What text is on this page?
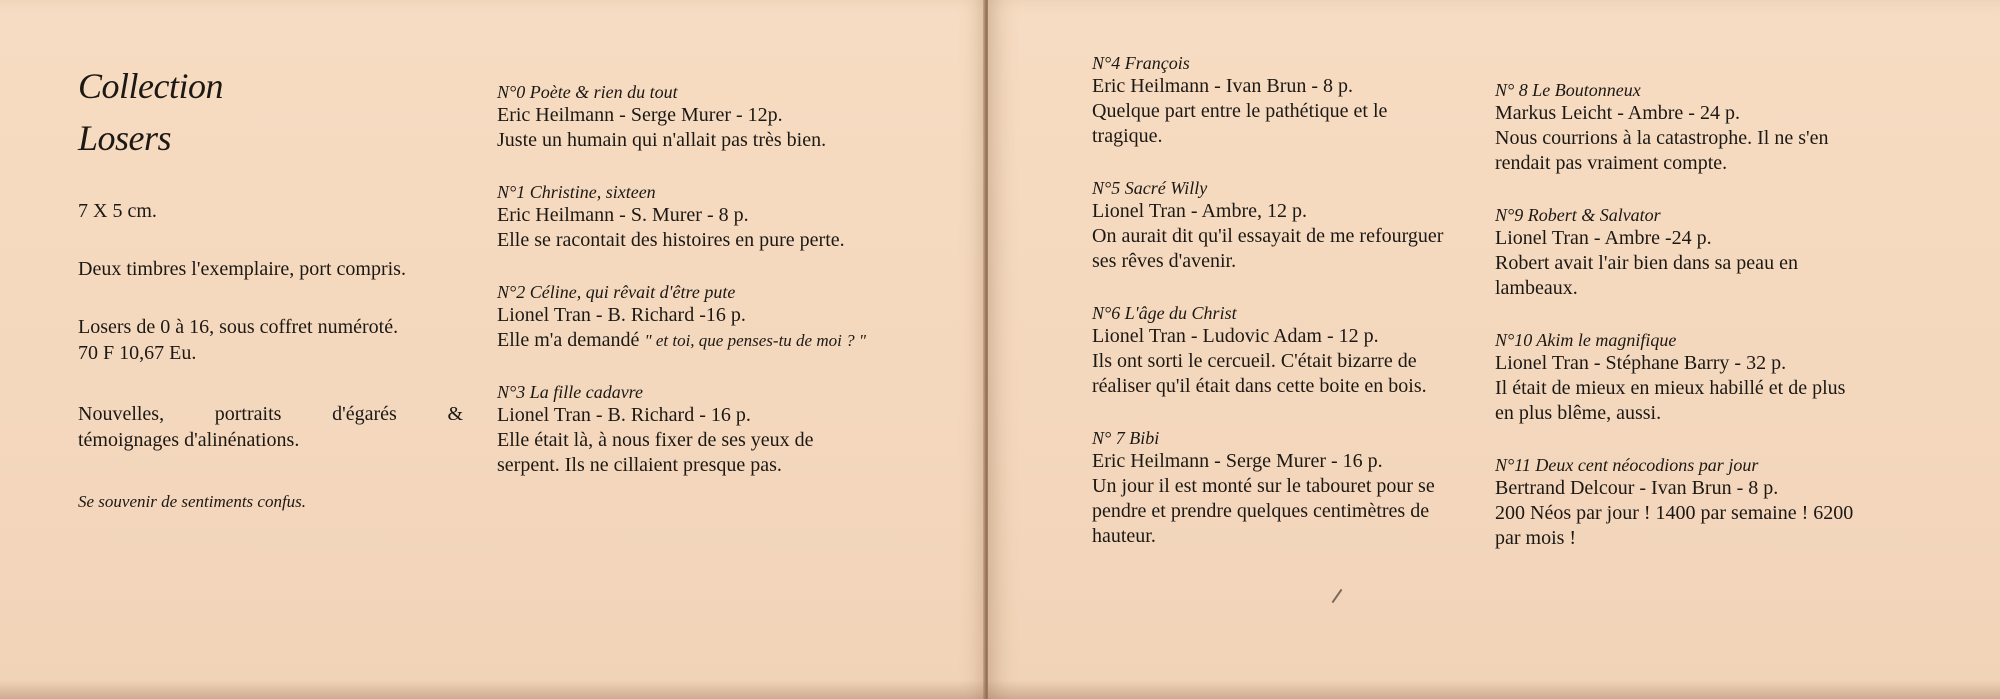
Collection
Losers
7 X 5 cm.
Deux timbres l'exemplaire, port compris.
Losers de 0 à 16, sous coffret numéroté.
70 F 10,67 Eu.
Nouvelles, portraits d'égarés &
témoignages d'alinénations.
Se souvenir de sentiments confus.
N°0 Poète & rien du tout
Eric Heilmann - Serge Murer - 12p.
Juste un humain qui n'allait pas très bien.
N°1 Christine, sixteen
Eric Heilmann - S. Murer - 8 p.
Elle se racontait des histoires en pure perte.
N°2 Céline, qui rêvait d'être pute
Lionel Tran - B. Richard -16 p.
Elle m'a demandé " et toi, que penses-tu de moi ? "
N°3 La fille cadavre
Lionel Tran - B. Richard - 16 p.
Elle était là, à nous fixer de ses yeux de serpent. Ils ne cillaient presque pas.
N°4 François
Eric Heilmann - Ivan Brun - 8 p.
Quelque part entre le pathétique et le tragique.
N°5 Sacré Willy
Lionel Tran - Ambre, 12 p.
On aurait dit qu'il essayait de me refourguer ses rêves d'avenir.
N°6 L'âge du Christ
Lionel Tran - Ludovic Adam - 12 p.
Ils ont sorti le cercueil. C'était bizarre de réaliser qu'il était dans cette boite en bois.
N° 7 Bibi
Eric Heilmann - Serge Murer - 16 p.
Un jour il est monté sur le tabouret pour se pendre et prendre quelques centimètres de hauteur.
N° 8 Le Boutonneux
Markus Leicht - Ambre - 24 p.
Nous courrions à la catastrophe. Il ne s'en rendait pas vraiment compte.
N°9 Robert & Salvator
Lionel Tran - Ambre -24 p.
Robert avait l'air bien dans sa peau en lambeaux.
N°10 Akim le magnifique
Lionel Tran - Stéphane Barry - 32 p.
Il était de mieux en mieux habillé et de plus en plus blême, aussi.
N°11 Deux cent néocodions par jour
Bertrand Delcour - Ivan Brun - 8 p.
200 Néos par jour ! 1400 par semaine ! 6200 par mois !
